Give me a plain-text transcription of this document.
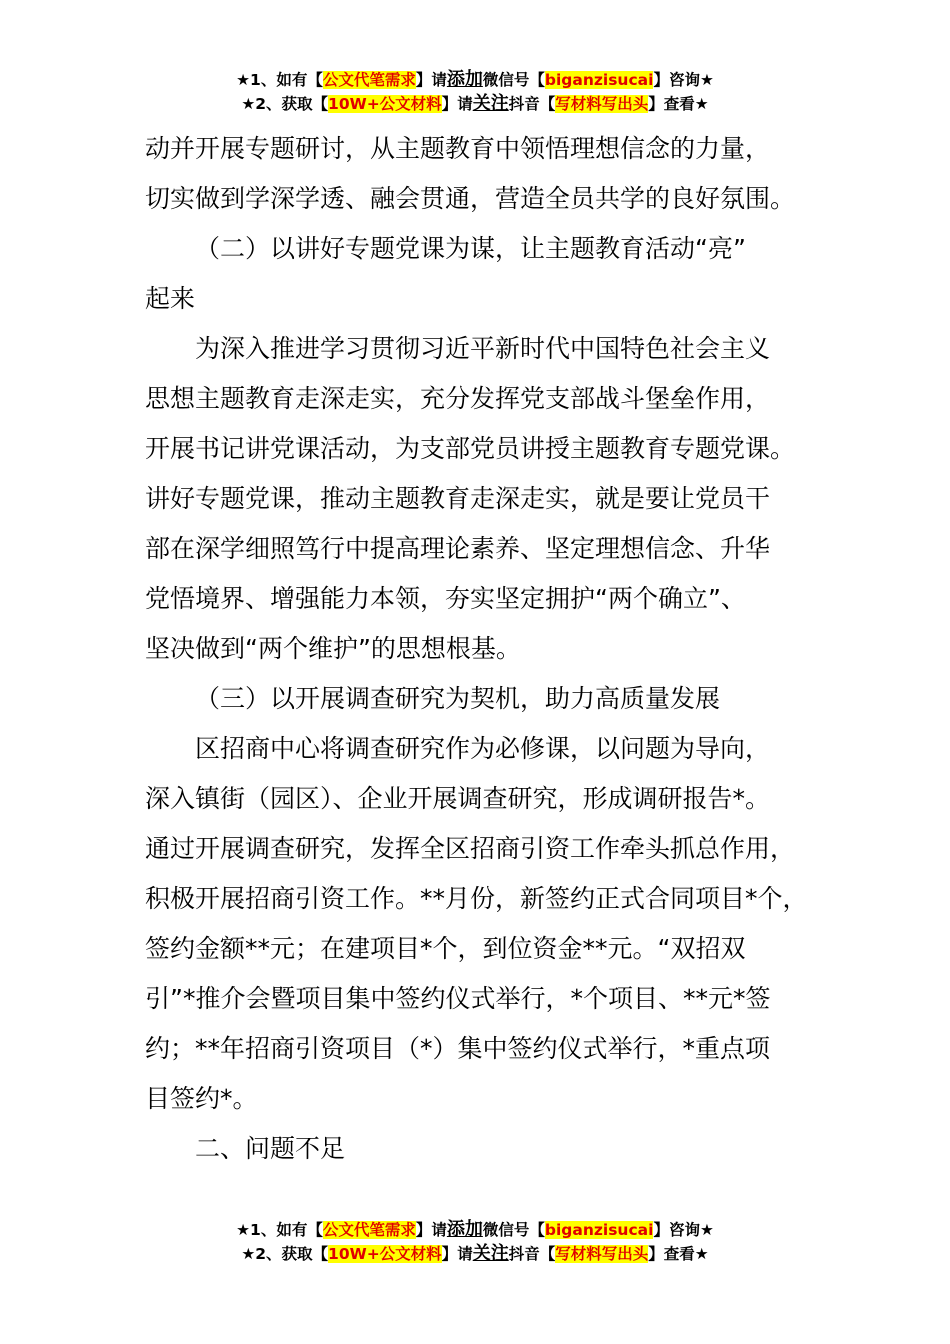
★1、如有【公文代笔需求】请添加微信号【biganzisucai】咨询★
★2、获取【10W+公文材料】请关注抖音【写材料写出头】查看★
动并开展专题研讨，从主题教育中领悟理想信念的力量，
切实做到学深学透、融会贯通，营造全员共学的良好氛围。
（二）以讲好专题党课为谋，让主题教育活动“亮”
起来
为深入推进学习贯彻习近平新时代中国特色社会主义
思想主题教育走深走实，充分发挥党支部战斗堡垒作用，
开展书记讲党课活动，为支部党员讲授主题教育专题党课。
讲好专题党课，推动主题教育走深走实，就是要让党员干
部在深学细照笃行中提高理论素养、坚定理想信念、升华
党悟境界、增强能力本领，夯实坚定拥护“两个确立”、
坚决做到“两个维护”的思想根基。
（三）以开展调查研究为契机，助力高质量发展
区招商中心将调查研究作为必修课，以问题为导向，
深入镇街（园区）、企业开展调查研究，形成调研报告*。
通过开展调查研究，发挥全区招商引资工作牵头抓总作用，
积极开展招商引资工作。**月份，新签约正式合同项目*个，
签约金额**元；在建项目*个，到位资金**元。“双招双
引”*推介会暨项目集中签约仪式举行，*个项目、**元*签
约；**年招商引资项目（*）集中签约仪式举行，*重点项
目签约*。
二、问题不足
★1、如有【公文代笔需求】请添加微信号【biganzisucai】咨询★
★2、获取【10W+公文材料】请关注抖音【写材料写出头】查看★
